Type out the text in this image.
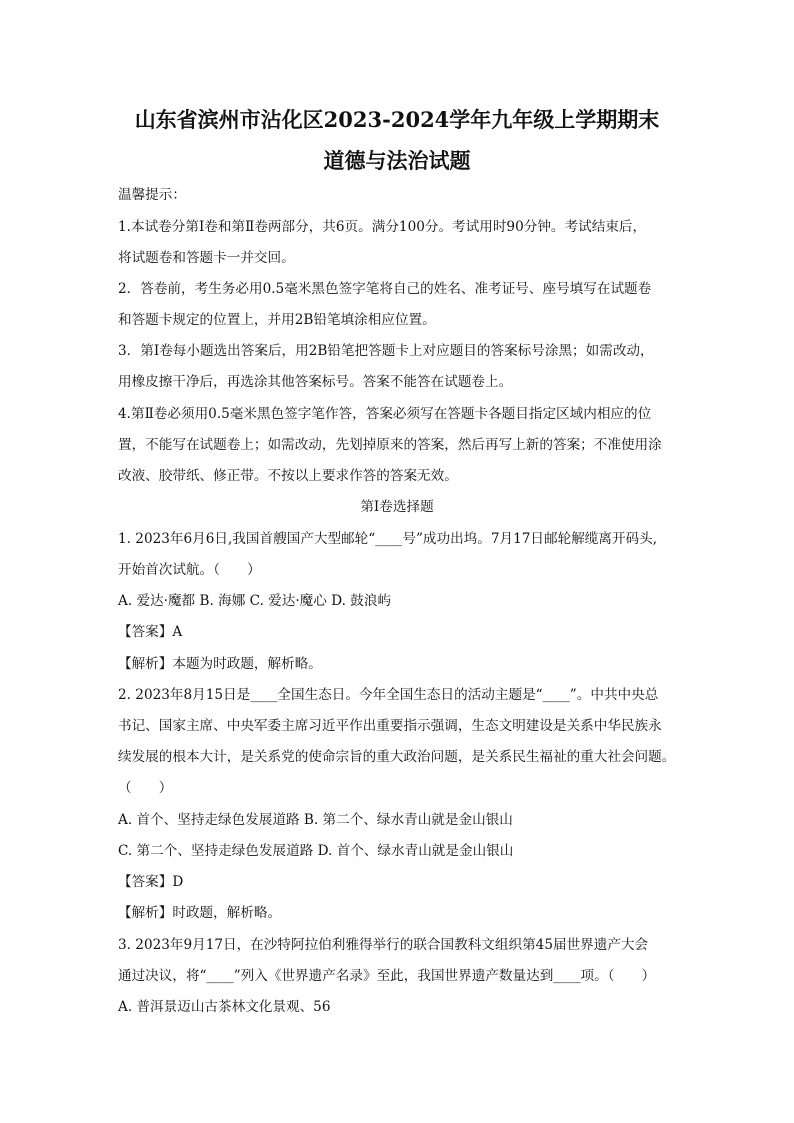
山东省滨州市沾化区2023-2024学年九年级上学期期末
道德与法治试题
温馨提示：
1.本试卷分第Ⅰ卷和第Ⅱ卷两部分，共6页。满分100分。考试用时90分钟。考试结束后，
将试题卷和答题卡一并交回。
2．答卷前，考生务必用0.5毫米黑色签字笔将自己的姓名、准考证号、座号填写在试题卷
和答题卡规定的位置上，并用2B铅笔填涂相应位置。
3．第Ⅰ卷每小题选出答案后，用2B铅笔把答题卡上对应题目的答案标号涂黑；如需改动，
用橡皮擦干净后，再选涂其他答案标号。答案不能答在试题卷上。
4.第Ⅱ卷必须用0.5毫米黑色签字笔作答，答案必须写在答题卡各题目指定区域内相应的位
置，不能写在试题卷上；如需改动，先划掉原来的答案，然后再写上新的答案；不准使用涂
改液、胶带纸、修正带。不按以上要求作答的答案无效。
第Ⅰ卷选择题
1. 2023年6月6日,我国首艘国产大型邮轮“____号”成功出坞。7月17日邮轮解缆离开码头,
开始首次试航。（　　）
A. 爱达·魔都 B. 海娜 C. 爱达·魔心 D. 鼓浪屿
【答案】A
【解析】本题为时政题，解析略。
2. 2023年8月15日是____全国生态日。今年全国生态日的活动主题是“____”。中共中央总
书记、国家主席、中央军委主席习近平作出重要指示强调，生态文明建设是关系中华民族永
续发展的根本大计，是关系党的使命宗旨的重大政治问题，是关系民生福祉的重大社会问题。
（　　）
A. 首个、坚持走绿色发展道路 B. 第二个、绿水青山就是金山银山
C. 第二个、坚持走绿色发展道路 D. 首个、绿水青山就是金山银山
【答案】D
【解析】时政题，解析略。
3. 2023年9月17日，在沙特阿拉伯利雅得举行的联合国教科文组织第45届世界遗产大会
通过决议，将“____”列入《世界遗产名录》至此，我国世界遗产数量达到____项。（　　）
A. 普洱景迈山古茶林文化景观、56
